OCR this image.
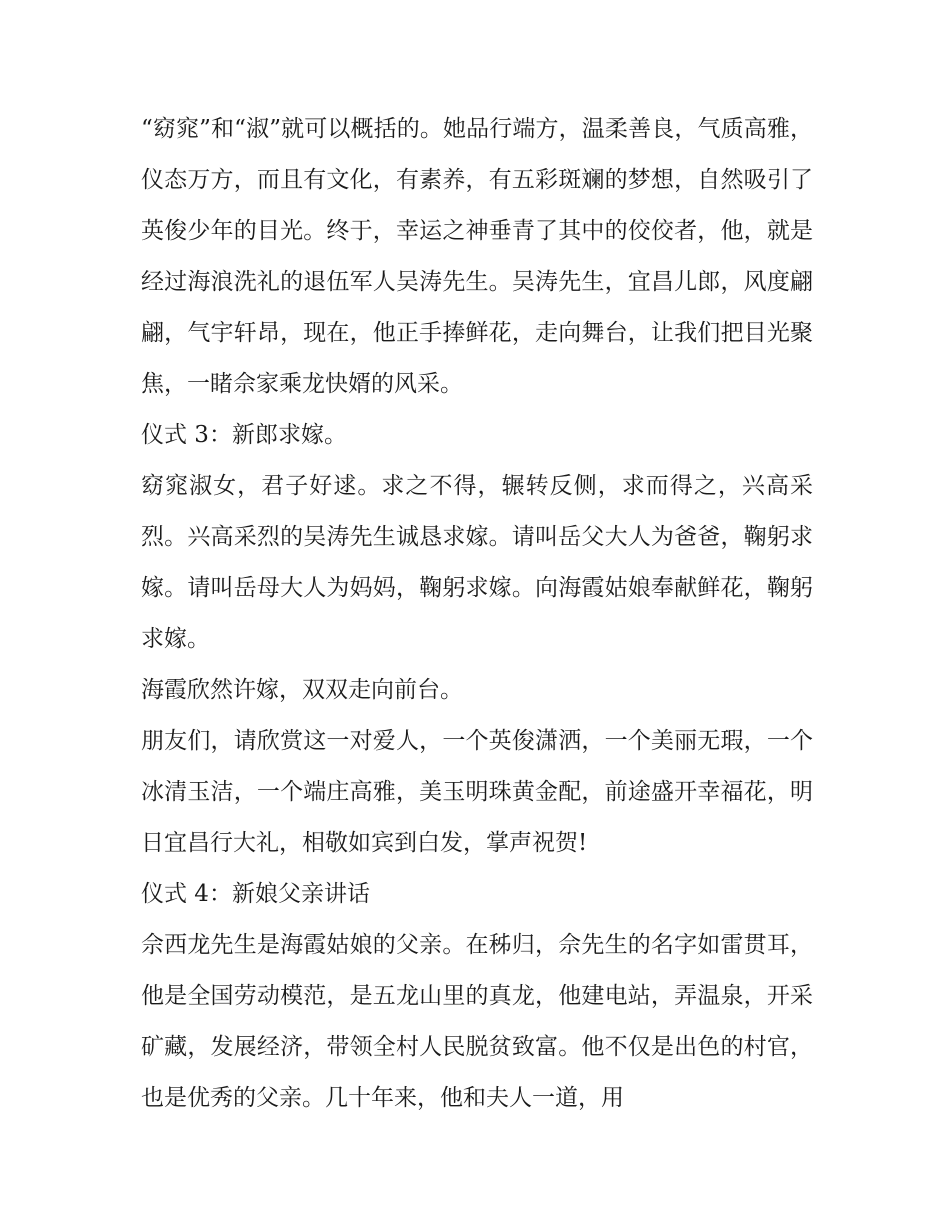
“窈窕”和“淑”就可以概括的。她品行端方，温柔善良，气质高雅，仪态万方，而且有文化，有素养，有五彩斑斓的梦想，自然吸引了英俊少年的目光。终于，幸运之神垂青了其中的佼佼者，他，就是经过海浪洗礼的退伍军人吴涛先生。吴涛先生，宜昌儿郎，风度翩翩，气宇轩昂，现在，他正手捧鲜花，走向舞台，让我们把目光聚焦，一睹佘家乘龙快婿的风采。

仪式 3：新郎求嫁。

窈窕淑女，君子好逑。求之不得，辗转反侧，求而得之，兴高采烈。兴高采烈的吴涛先生诚恳求嫁。请叫岳父大人为爸爸，鞠躬求嫁。请叫岳母大人为妈妈，鞠躬求嫁。向海霞姑娘奉献鲜花，鞠躬求嫁。

海霞欣然许嫁，双双走向前台。

朋友们，请欣赏这一对爱人，一个英俊潇洒，一个美丽无瑕，一个冰清玉洁，一个端庄高雅，美玉明珠黄金配，前途盛开幸福花，明日宜昌行大礼，相敬如宾到白发，掌声祝贺!

仪式 4：新娘父亲讲话

佘西龙先生是海霞姑娘的父亲。在秭归，佘先生的名字如雷贯耳，他是全国劳动模范，是五龙山里的真龙，他建电站，弄温泉，开采矿藏，发展经济，带领全村人民脱贫致富。他不仅是出色的村官，也是优秀的父亲。几十年来，他和夫人一道，用
